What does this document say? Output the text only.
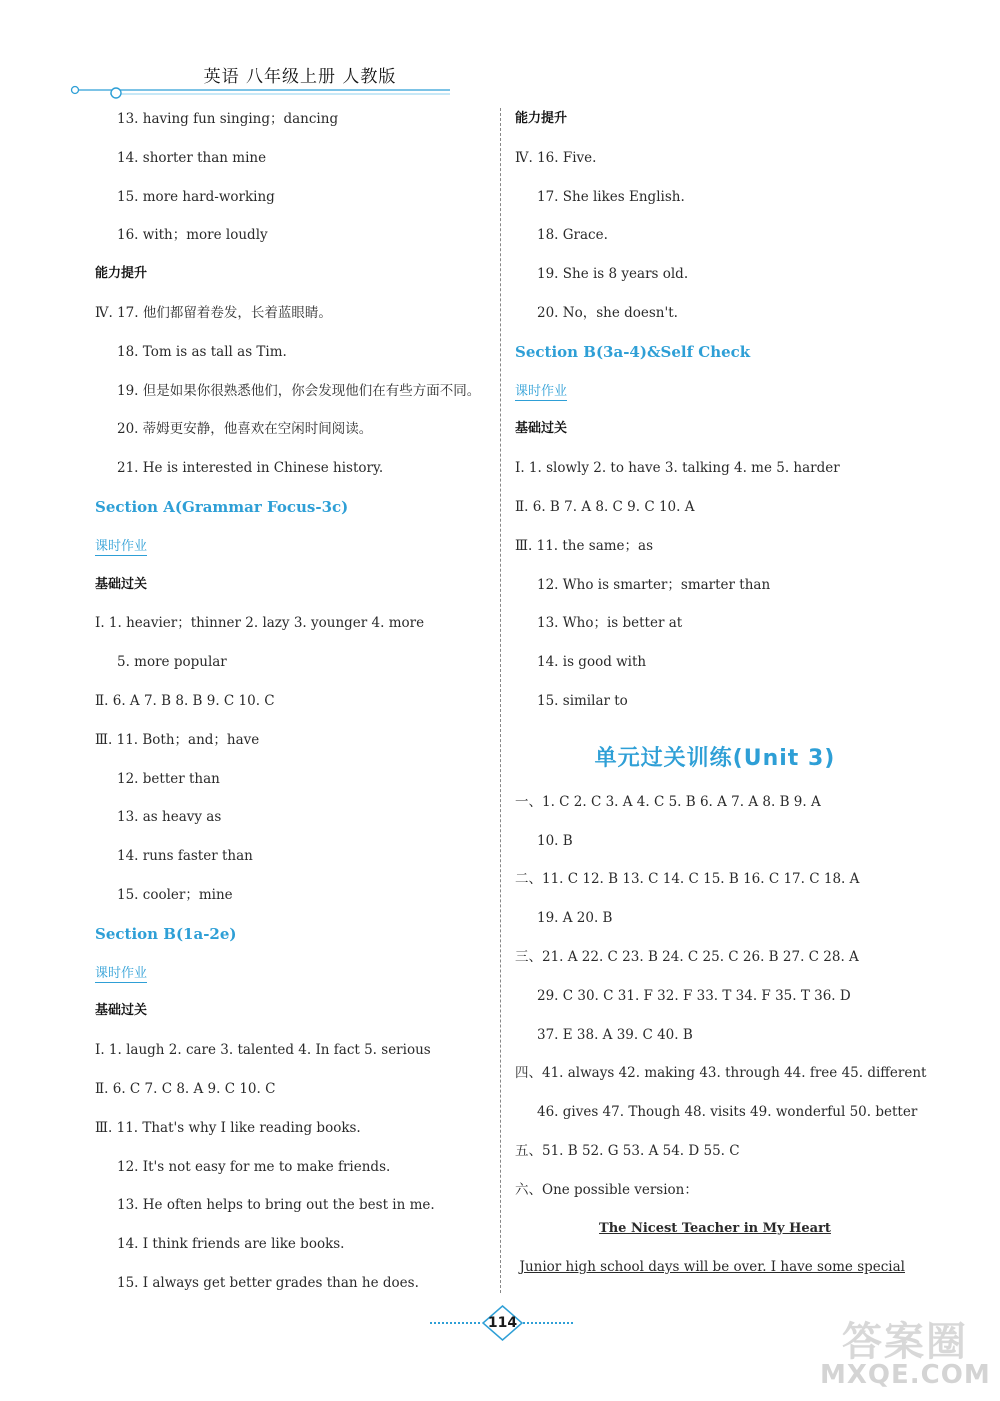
英语 八年级上册 人教版
13. having fun singing；dancing
14. shorter than mine
15. more hard-working
16. with；more loudly
能力提升
Ⅳ. 17. 他们都留着卷发，长着蓝眼睛。
18. Tom is as tall as Tim.
19. 但是如果你很熟悉他们，你会发现他们在有些方面不同。
20. 蒂姆更安静，他喜欢在空闲时间阅读。
21. He is interested in Chinese history.
Section A(Grammar Focus-3c)
课时作业
基础过关
Ⅰ. 1. heavier；thinner 2. lazy 3. younger 4. more
5. more popular
Ⅱ. 6. A 7. B 8. B 9. C 10. C
Ⅲ. 11. Both；and；have
12. better than
13. as heavy as
14. runs faster than
15. cooler；mine
Section B(1a-2e)
课时作业
基础过关
Ⅰ. 1. laugh 2. care 3. talented 4. In fact 5. serious
Ⅱ. 6. C 7. C 8. A 9. C 10. C
Ⅲ. 11. That's why I like reading books.
12. It's not easy for me to make friends.
13. He often helps to bring out the best in me.
14. I think friends are like books.
15. I always get better grades than he does.
能力提升
Ⅳ. 16. Five.
17. She likes English.
18. Grace.
19. She is 8 years old.
20. No，she doesn't.
Section B(3a-4)&Self Check
课时作业
基础过关
Ⅰ. 1. slowly 2. to have 3. talking 4. me 5. harder
Ⅱ. 6. B 7. A 8. C 9. C 10. A
Ⅲ. 11. the same；as
12. Who is smarter；smarter than
13. Who；is better at
14. is good with
15. similar to
单元过关训练(Unit 3)
一、1. C 2. C 3. A 4. C 5. B 6. A 7. A 8. B 9. A
10. B
二、11. C 12. B 13. C 14. C 15. B 16. C 17. C 18. A
19. A 20. B
三、21. A 22. C 23. B 24. C 25. C 26. B 27. C 28. A
29. C 30. C 31. F 32. F 33. T 34. F 35. T 36. D
37. E 38. A 39. C 40. B
四、41. always 42. making 43. through 44. free 45. different
46. gives 47. Though 48. visits 49. wonderful 50. better
五、51. B 52. G 53. A 54. D 55. C
六、One possible version：
The Nicest Teacher in My Heart
Junior high school days will be over. I have some special
114	答案圈
MXQE.COM
